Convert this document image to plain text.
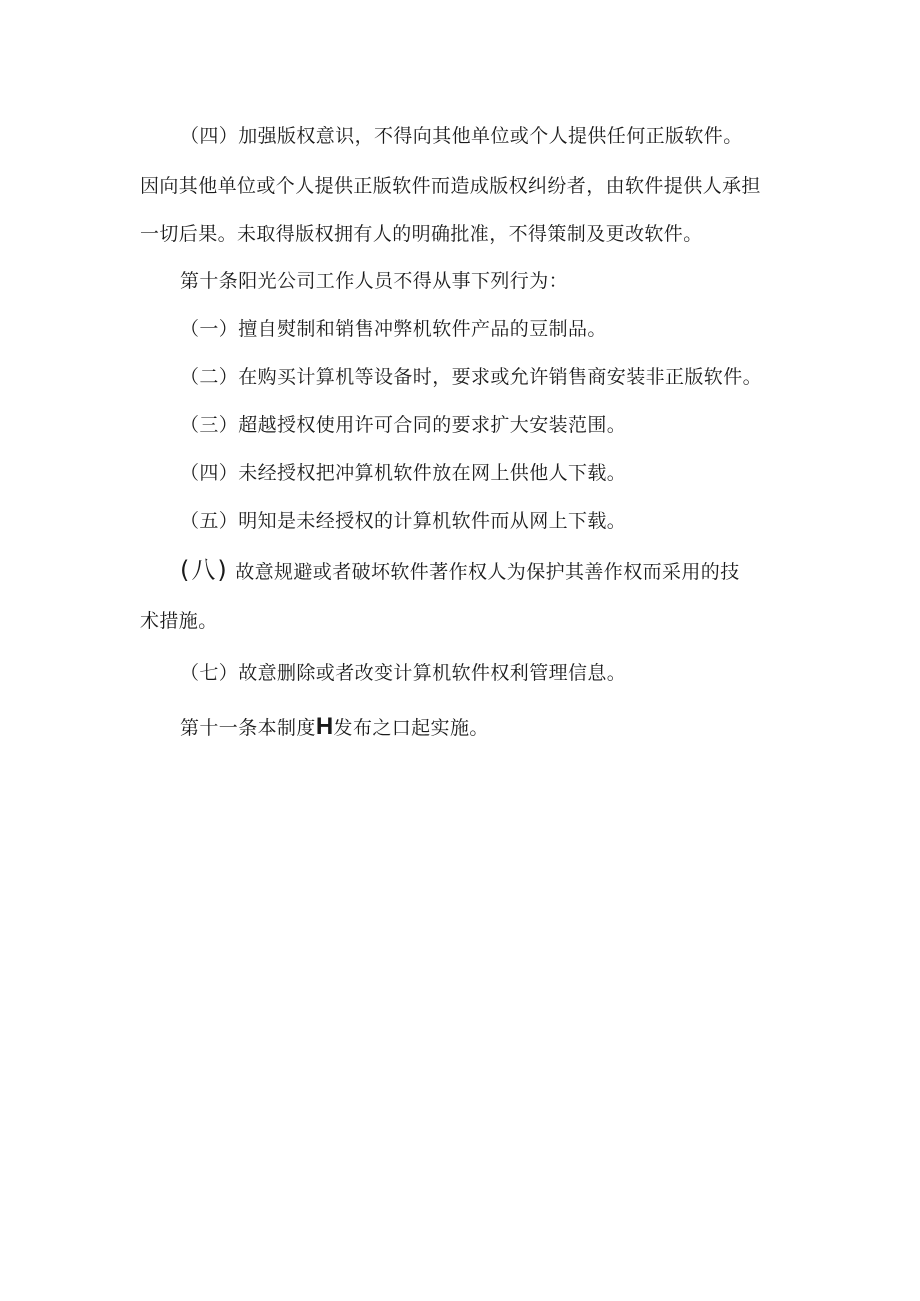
（四）加强版权意识，不得向其他单位或个人提供任何正版软件。
因向其他单位或个人提供正版软件而造成版权纠纷者，由软件提供人承担
一切后果。未取得版权拥有人的明确批准，不得策制及更改软件。
第十条阳光公司工作人员不得从事下列行为：
（一）擅自熨制和销售冲弊机软件产品的豆制品。
（二）在购买计算机等设备时，要求或允许销售商安装非正版软件。
（三）超越授权使用许可合同的要求扩大安装范围。
（四）未经授权把冲算机软件放在网上供他人下载。
（五）明知是未经授权的计算机软件而从网上下载。
(八) 故意规避或者破坏软件著作权人为保护其善作权而采用的技
术措施。
（七）故意删除或者改变计算机软件权利管理信息。
第十一条本制度H发布之口起实施。
